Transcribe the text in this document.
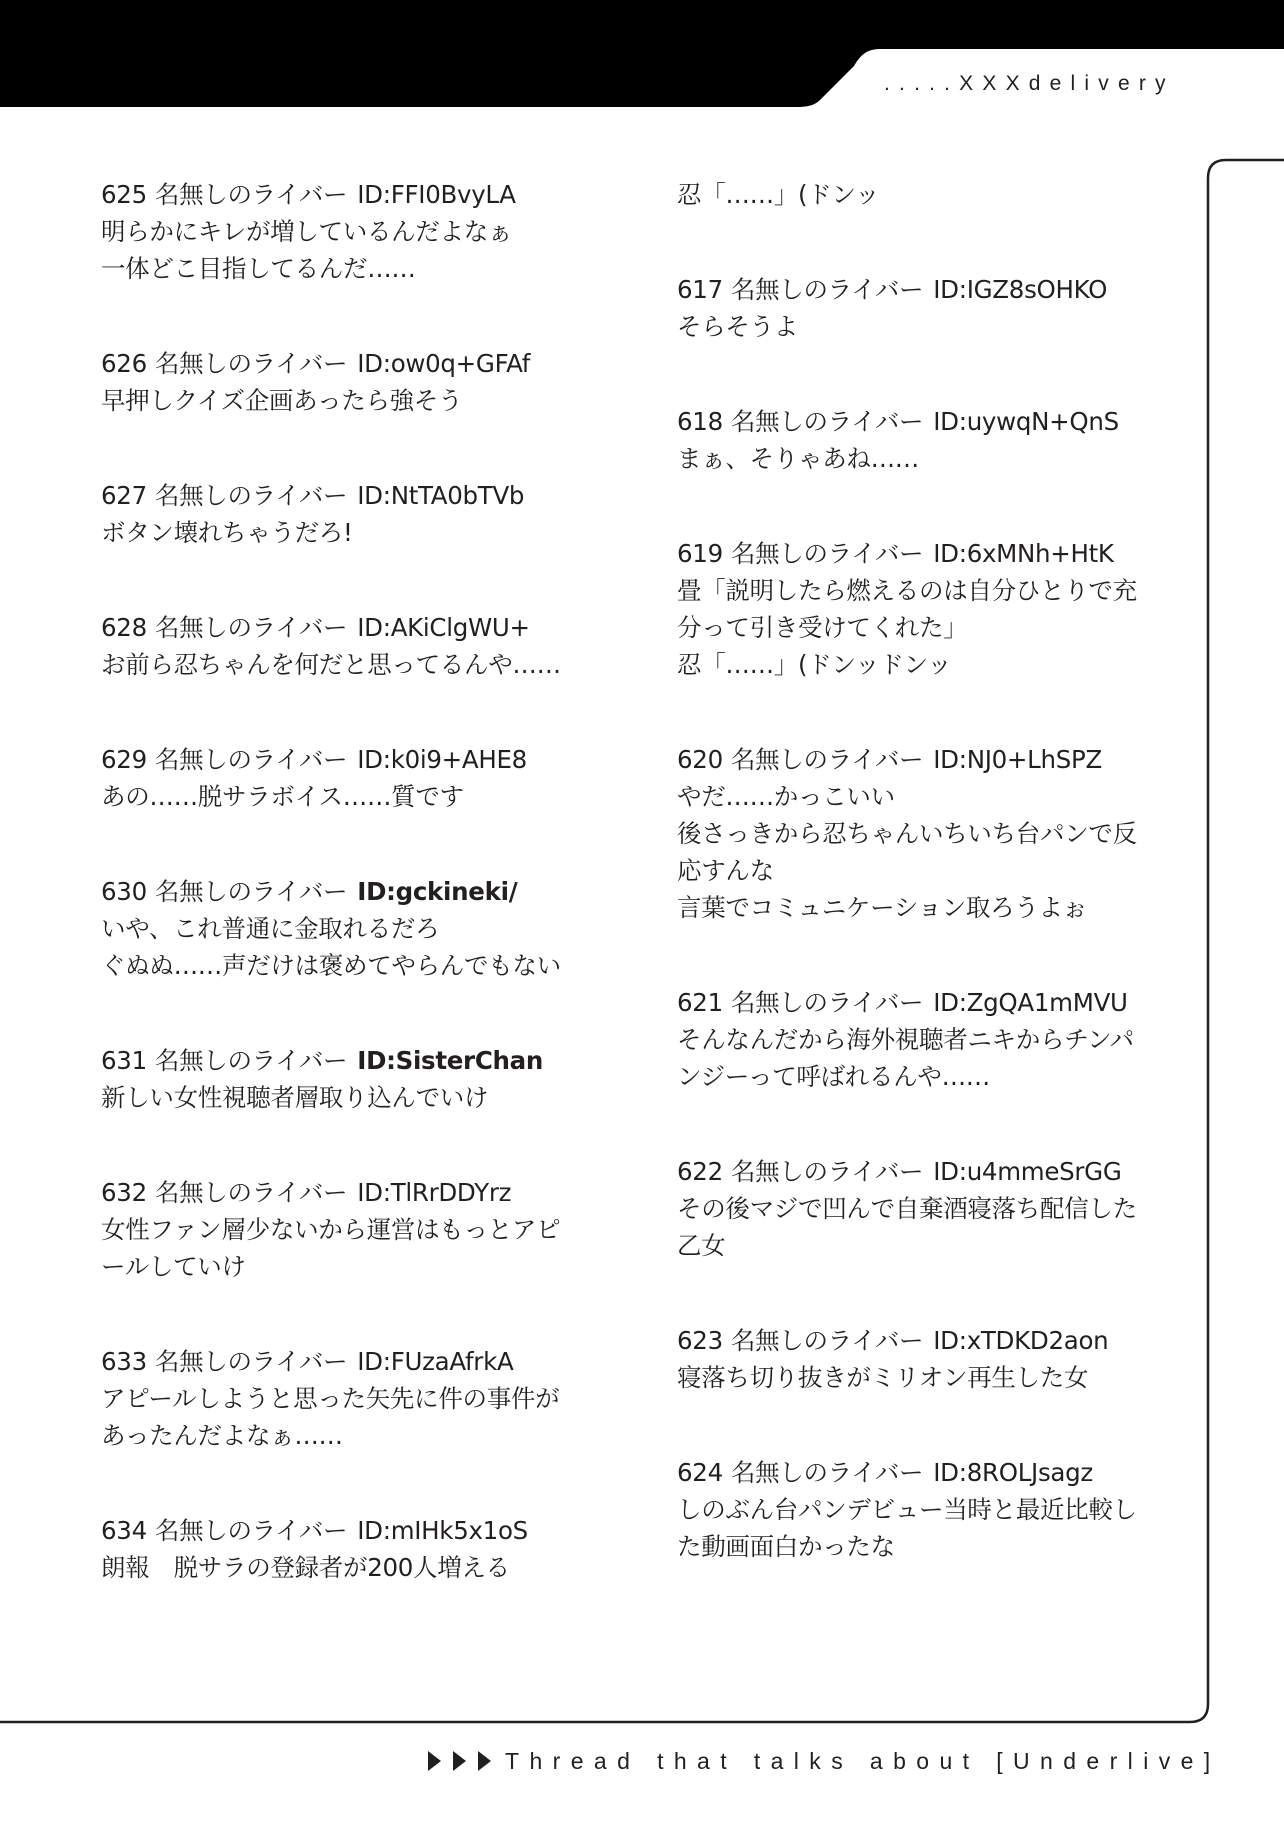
.....XXXdelivery
625 名無しのライバー ID:FFI0BvyLA
明らかにキレが増しているんだよなぁ
一体どこ目指してるんだ……
626 名無しのライバー ID:ow0q+GFAf
早押しクイズ企画あったら強そう
627 名無しのライバー ID:NtTA0bTVb
ボタン壊れちゃうだろ!
628 名無しのライバー ID:AKiClgWU+
お前ら忍ちゃんを何だと思ってるんや……
629 名無しのライバー ID:k0i9+AHE8
あの……脱サラボイス……質です
630 名無しのライバー ID:gckineki/
いや、これ普通に金取れるだろ
ぐぬぬ……声だけは褒めてやらんでもない
631 名無しのライバー ID:SisterChan
新しい女性視聴者層取り込んでいけ
632 名無しのライバー ID:TlRrDDYrz
女性ファン層少ないから運営はもっとアピ
ールしていけ
633 名無しのライバー ID:FUzaAfrkA
アピールしようと思った矢先に件の事件が
あったんだよなぁ……
634 名無しのライバー ID:mIHk5x1oS
朗報　脱サラの登録者が200人増える
忍「……」(ドンッ
617 名無しのライバー ID:IGZ8sOHKO
そらそうよ
618 名無しのライバー ID:uywqN+QnS
まぁ、そりゃあね……
619 名無しのライバー ID:6xMNh+HtK
畳「説明したら燃えるのは自分ひとりで充
分って引き受けてくれた」
忍「……」(ドンッドンッ
620 名無しのライバー ID:NJ0+LhSPZ
やだ……かっこいい
後さっきから忍ちゃんいちいち台パンで反
応すんな
言葉でコミュニケーション取ろうよぉ
621 名無しのライバー ID:ZgQA1mMVU
そんなんだから海外視聴者ニキからチンパ
ンジーって呼ばれるんや……
622 名無しのライバー ID:u4mmeSrGG
その後マジで凹んで自棄酒寝落ち配信した
乙女
623 名無しのライバー ID:xTDKD2aon
寝落ち切り抜きがミリオン再生した女
624 名無しのライバー ID:8ROLJsagz
しのぶん台パンデビュー当時と最近比較し
た動画面白かったな
Thread that talks about [Underlive]
